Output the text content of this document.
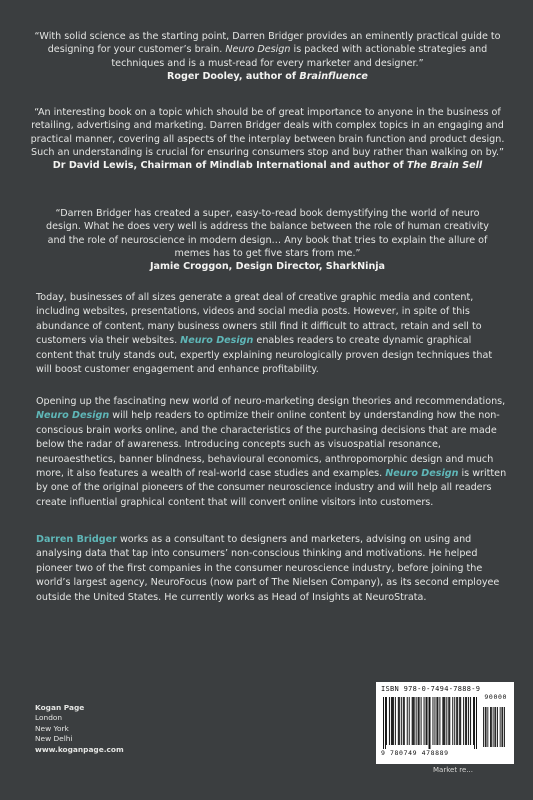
“With solid science as the starting point, Darren Bridger provides an eminently practical guide to designing for your customer’s brain. Neuro Design is packed with actionable strategies and techniques and is a must-read for every marketer and designer.”
Roger Dooley, author of Brainfluence
“An interesting book on a topic which should be of great importance to anyone in the business of retailing, advertising and marketing. Darren Bridger deals with complex topics in an engaging and practical manner, covering all aspects of the interplay between brain function and product design. Such an understanding is crucial for ensuring consumers stop and buy rather than walking on by.”
Dr David Lewis, Chairman of Mindlab International and author of The Brain Sell
“Darren Bridger has created a super, easy-to-read book demystifying the world of neuro design. What he does very well is address the balance between the role of human creativity and the role of neuroscience in modern design… Any book that tries to explain the allure of memes has to get five stars from me.”
Jamie Croggon, Design Director, SharkNinja
Today, businesses of all sizes generate a great deal of creative graphic media and content, including websites, presentations, videos and social media posts. However, in spite of this abundance of content, many business owners still find it difficult to attract, retain and sell to customers via their websites. Neuro Design enables readers to create dynamic graphical content that truly stands out, expertly explaining neurologically proven design techniques that will boost customer engagement and enhance profitability.
Opening up the fascinating new world of neuro-marketing design theories and recommendations, Neuro Design will help readers to optimize their online content by understanding how the non-conscious brain works online, and the characteristics of the purchasing decisions that are made below the radar of awareness. Introducing concepts such as visuospatial resonance, neuroaesthetics, banner blindness, behavioural economics, anthropomorphic design and much more, it also features a wealth of real-world case studies and examples. Neuro Design is written by one of the original pioneers of the consumer neuroscience industry and will help all readers create influential graphical content that will convert online visitors into customers.
Darren Bridger works as a consultant to designers and marketers, advising on using and analysing data that tap into consumers’ non-conscious thinking and motivations. He helped pioneer two of the first companies in the consumer neuroscience industry, before joining the world’s largest agency, NeuroFocus (now part of The Nielsen Company), as its second employee outside the United States. He currently works as Head of Insights at NeuroStrata.
Kogan Page
London
New York
New Delhi
www.koganpage.com
ISBN 978-0-7494-7888-9
9 780749 478889
90000
Market re...
